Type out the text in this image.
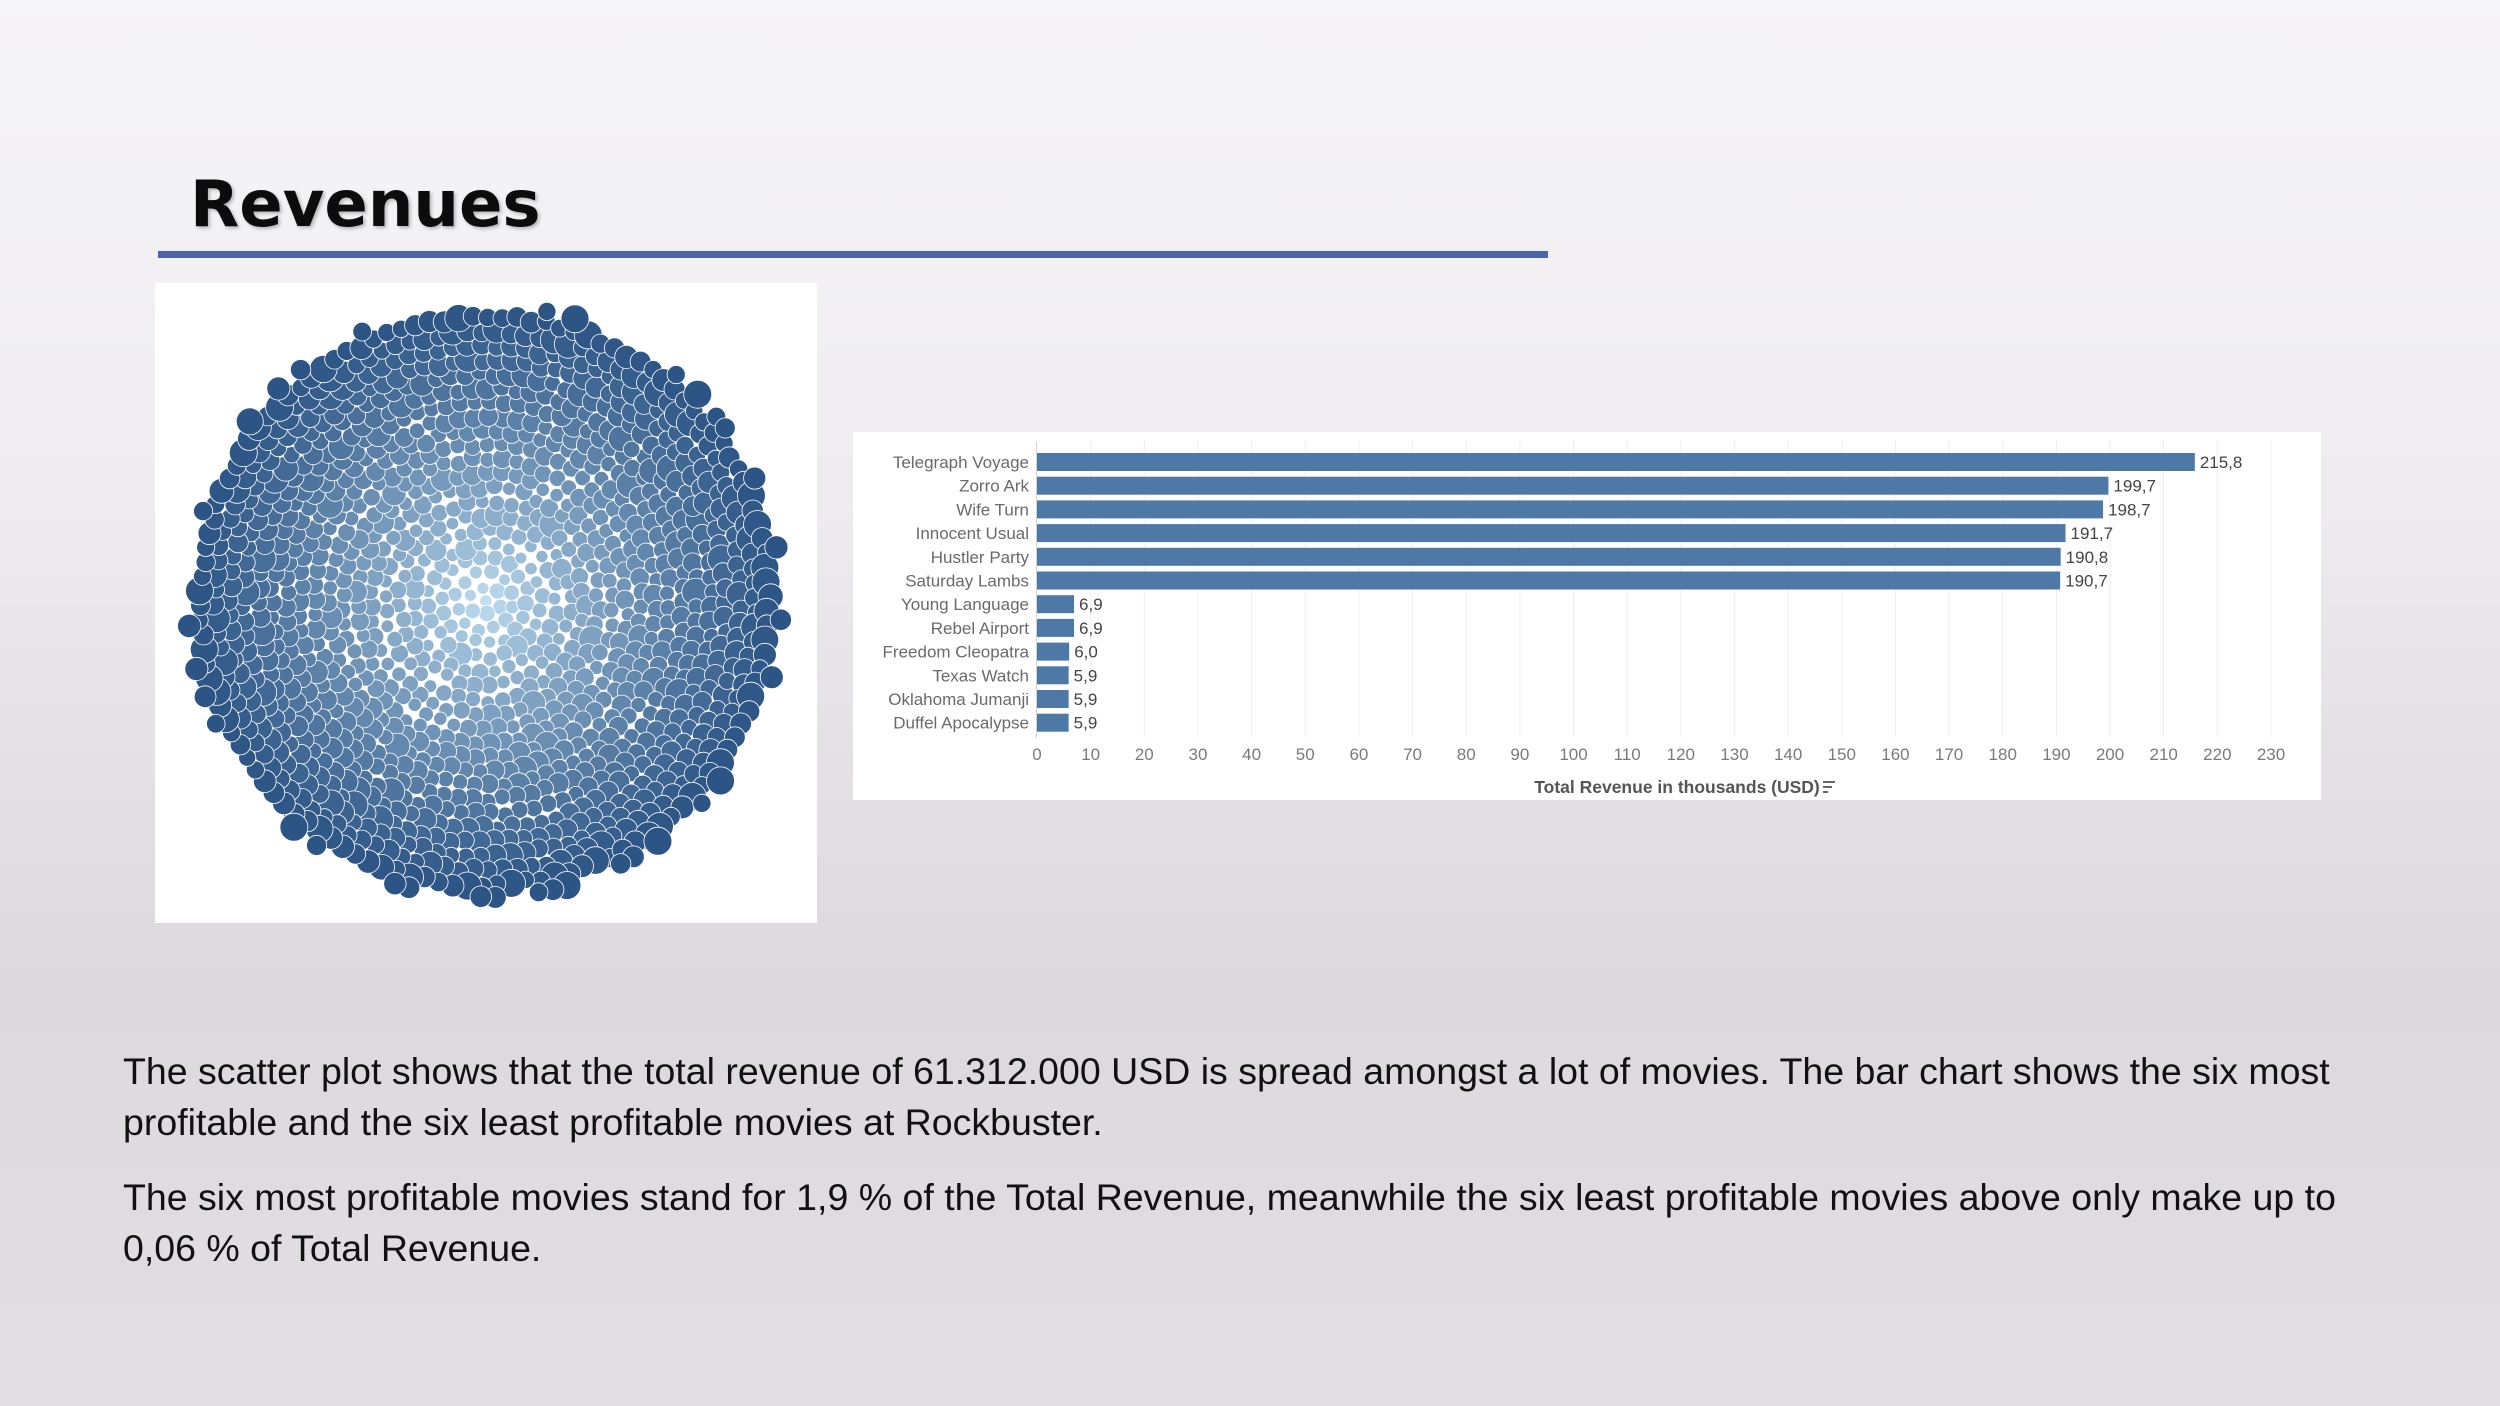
Revenues
Telegraph Voyage	215,8
Zorro Ark	199,7
Wife Turn	198,7
Innocent Usual	191,7
Hustler Party	190,8
Saturday Lambs	190,7
Young Language	6,9
Rebel Airport	6,9
Freedom Cleopatra	6,0
Texas Watch	5,9
Oklahoma Jumanji	5,9
Duffel Apocalypse	5,9
0 10 20 30 40 50 60 70 80 90 100 110 120 130 140 150 160 170 180 190 200 210 220 230
Total Revenue in thousands (USD)

The scatter plot shows that the total revenue of 61.312.000 USD is spread amongst a lot of movies. The bar chart shows the six most profitable and the six least profitable movies at Rockbuster.

The six most profitable movies stand for 1,9 % of the Total Revenue, meanwhile the six least profitable movies above only make up to 0,06 % of Total Revenue.
